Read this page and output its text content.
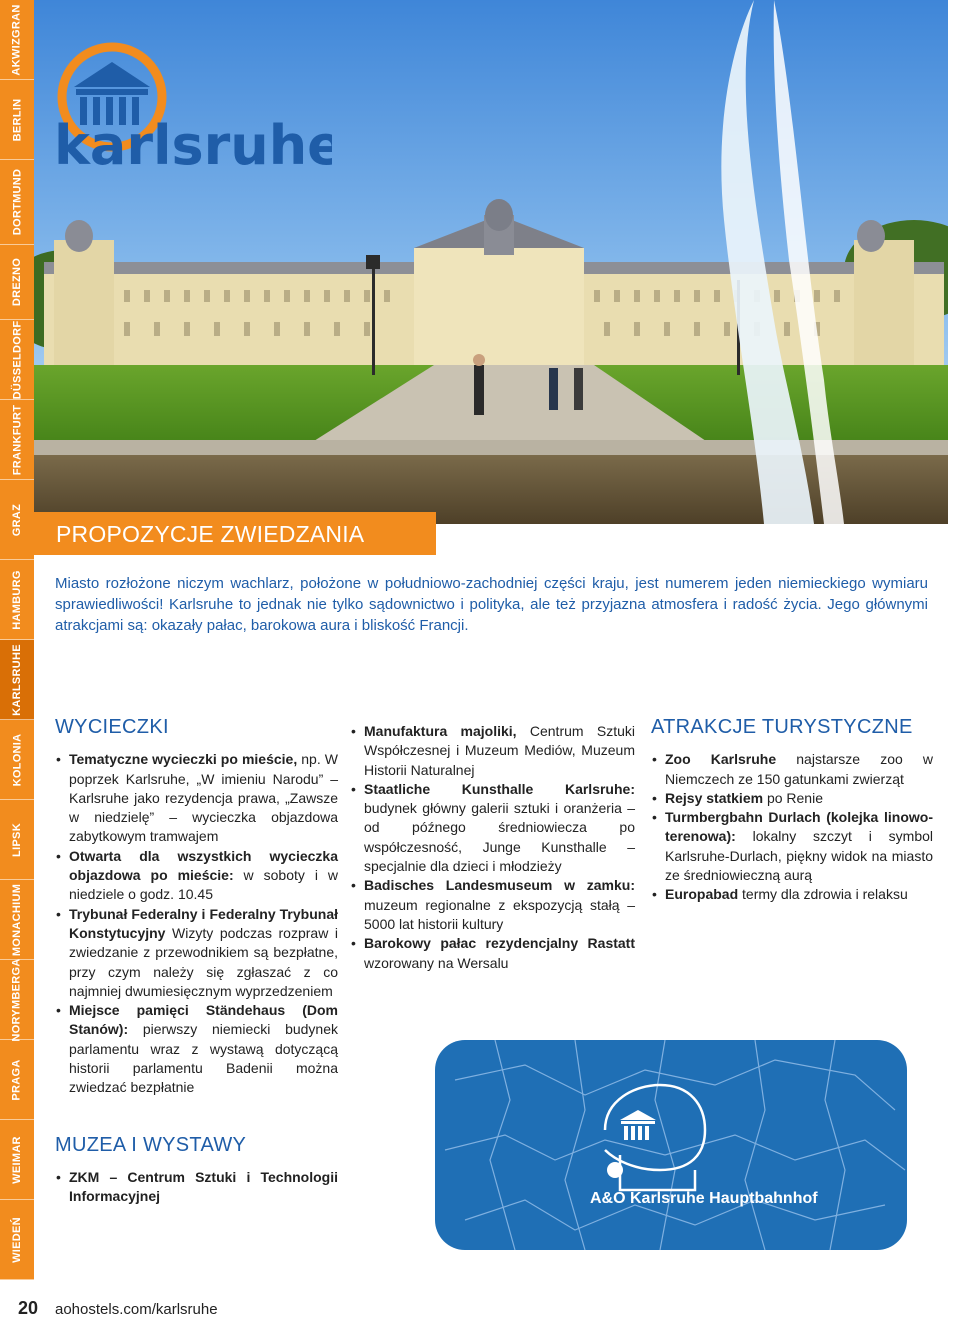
AKWIZGRAN
BERLIN
DORTMUND
DREZNO
DÜSSELDORF
FRANKFURT
GRAZ
HAMBURG
KARLSRUHE
KOLONIA
LIPSK
MONACHIUM
NORYMBERGA
PRAGA
WEIMAR
WIEDEŃ
karlsruhe
PROPOZYCJE ZWIEDZANIA

Miasto rozłożone niczym wachlarz, położone w południowo-zachodniej części kraju, jest numerem jeden niemieckiego wymiaru sprawiedliwości! Karlsruhe to jednak nie tylko sądownictwo i polityka, ale też przyjazna atmosfera i radość życia. Jego głównymi atrakcjami są: okazały pałac, barokowa aura i bliskość Francji.

WYCIECZKI
• Tematyczne wycieczki po mieście, np. W poprzek Karlsruhe, „W imieniu Narodu” – Karlsruhe jako rezydencja prawa, „Zawsze w niedzielę” – wycieczka objazdowa zabytkowym tramwajem
• Otwarta dla wszystkich wycieczka objazdowa po mieście: w soboty i w niedziele o godz. 10.45
• Trybunał Federalny i Federalny Trybunał Konstytucyjny Wizyty podczas rozpraw i zwiedzanie z przewodnikiem są bezpłatne, przy czym należy się zgłaszać z co najmniej dwumiesięcznym wyprzedzeniem
• Miejsce pamięci Ständehaus (Dom Stanów): pierwszy niemiecki budynek parlamentu wraz z wystawą dotyczącą historii parlamentu Badenii można zwiedzać bezpłatnie
MUZEA I WYSTAWY
• ZKM – Centrum Sztuki i Technologii Informacyjnej
• Manufaktura majoliki, Centrum Sztuki Współczesnej i Muzeum Mediów, Muzeum Historii Naturalnej
• Staatliche Kunsthalle Karlsruhe: budynek główny galerii sztuki i oranżeria – od późnego średniowiecza po współczesność, Junge Kunsthalle – specjalnie dla dzieci i młodzieży
• Badisches Landesmuseum w zamku: muzeum regionalne z ekspozycją stałą – 5000 lat historii kultury
• Barokowy pałac rezydencjalny Rastatt wzorowany na Wersalu
ATRAKCJE TURYSTYCZNE
• Zoo Karlsruhe najstarsze zoo w Niemczech ze 150 gatunkami zwierząt
• Rejsy statkiem po Renie
• Turmbergbahn Durlach (kolejka linowo-terenowa): lokalny szczyt i symbol Karlsruhe-Durlach, piękny widok na miasto ze średniowieczną aurą
• Europabad termy dla zdrowia i relaksu
A&O Karlsruhe Hauptbahnhof
20 aohostels.com/karlsruhe
